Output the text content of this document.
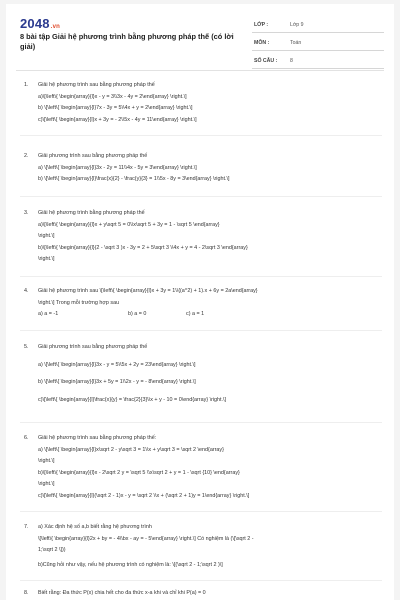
2048.vn
8 bài tập Giải hệ phương trình bằng phương pháp thế (có lời giải)
LỚP :	Lớp 9
MÔN :	Toán
SỐ CÂU : 8
1. Giải hệ phương trình sau bằng phương pháp thế
a)\[\left\{ \begin{array}{l}x - y = 3\\3x - 4y = 2\end{array} \right.\]
b) \[\left\{ \begin{array}{l}7x - 3y = 5\\4x + y = 2\end{array} \right.\]
c)\[\left\{ \begin{array}{l}x + 3y = - 2\\5x - 4y = 11\end{array} \right.\]
2. Giải phương trình sau bằng phương pháp thế
a) \[\left\{ \begin{array}{l}3x - 2y = 11\\4x - 5y = 3\end{array} \right.\]
b) \[\left\{ \begin{array}{l}\frac{x}{2} - \frac{y}{3} = 1\\5x - 8y = 3\end{array} \right.\]
3. Giải hệ phương trình bằng phương pháp thế
a)\[\left\{ \begin{array}{l}x + y\sqrt 5 = 0\\x\sqrt 5 + 3y = 1 - \sqrt 5 \end{array}
\right.\]
b)\[\left\{ \begin{array}{l}(2 - \sqrt 3 )x - 3y = 2 + 5\sqrt 3 \\4x + y = 4 - 2\sqrt 3 \end{array}
\right.\]
4. Giải hệ phương trình sau \[\left\{ \begin{array}{l}x + 3y = 1\\{(a^2) + 1).x + 6y = 2a\end{array}
\right.\] Trong mỗi trường hợp sau
a) a = -1	b) a = 0	c) a = 1
5. Giải phương trình sau bằng phương pháp thế
a) \[\left\{ \begin{array}{l}3x - y = 5\\5x + 2y = 23\end{array} \right.\]
b) \[\left\{ \begin{array}{l}3x + 5y = 1\\2x - y = - 8\end{array} \right.\]
c)\[\left\{ \begin{array}{l}\frac{x}{y} = \frac{2}{3}\\x + y - 10 = 0\end{array} \right.\]
6. Giải hệ phương trình sau bằng phương pháp thế:
a) \[\left\{ \begin{array}{l}x\sqrt 2 - y\sqrt 3 = 1\\x + y\sqrt 3 = \sqrt 2 \end{array}
\right.\]
b)\[\left\{ \begin{array}{l}x - 2\sqrt 2 y = \sqrt 5 \\x\sqrt 2 + y = 1 - \sqrt {10} \end{array}
\right.\]
c)\[\left\{ \begin{array}{l}(\sqrt 2 - 1)x - y = \sqrt 2 \\x + (\sqrt 2 + 1)y = 1\end{array} \right.\]
7. a) Xác định hệ số a,b biết rằng hệ phương trình
\[\left\{ \begin{array}{l}2x + by = - 4\\bx - ay = - 5\end{array} \right.\] Có nghiệm là (\[\sqrt 2 -
1;\sqrt 2 \]))
b)Cũng hỏi như vậy, nếu hệ phương trình có nghiệm là: \[(\sqrt 2 - 1;\sqrt 2 )\]
8. Biết rằng: Đa thức P(x) chia hết cho đa thức x-a khi và chỉ khi P(a) = 0
